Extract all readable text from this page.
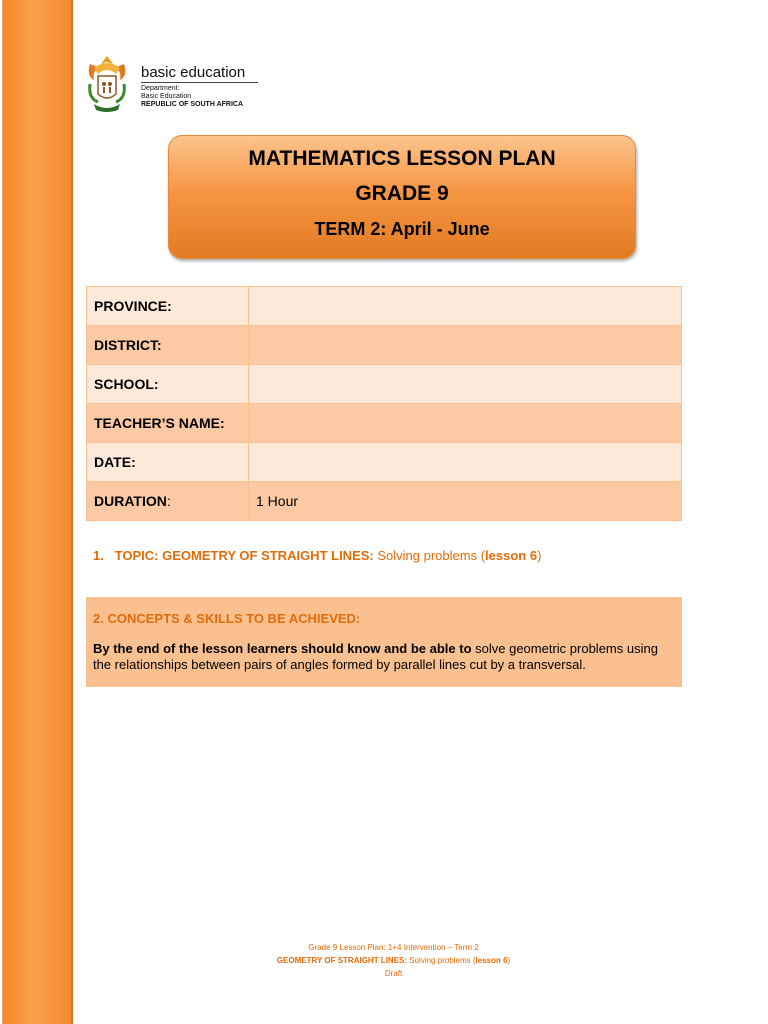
basic education
Department:
Basic Education
REPUBLIC OF SOUTH AFRICA
MATHEMATICS LESSON PLAN
GRADE 9
TERM 2: April - June
PROVINCE:	
DISTRICT:	
SCHOOL:	
TEACHER’S NAME:	
DATE:	
DURATION:	1 Hour
1. TOPIC: GEOMETRY OF STRAIGHT LINES: Solving problems (lesson 6)
2. CONCEPTS & SKILLS TO BE ACHIEVED:
By the end of the lesson learners should know and be able to solve geometric problems using the relationships between pairs of angles formed by parallel lines cut by a transversal.
Grade 9 Lesson Plan: 1+4 Intervention – Term 2
GEOMETRY OF STRAIGHT LINES: Solving problems (lesson 6)
Draft
